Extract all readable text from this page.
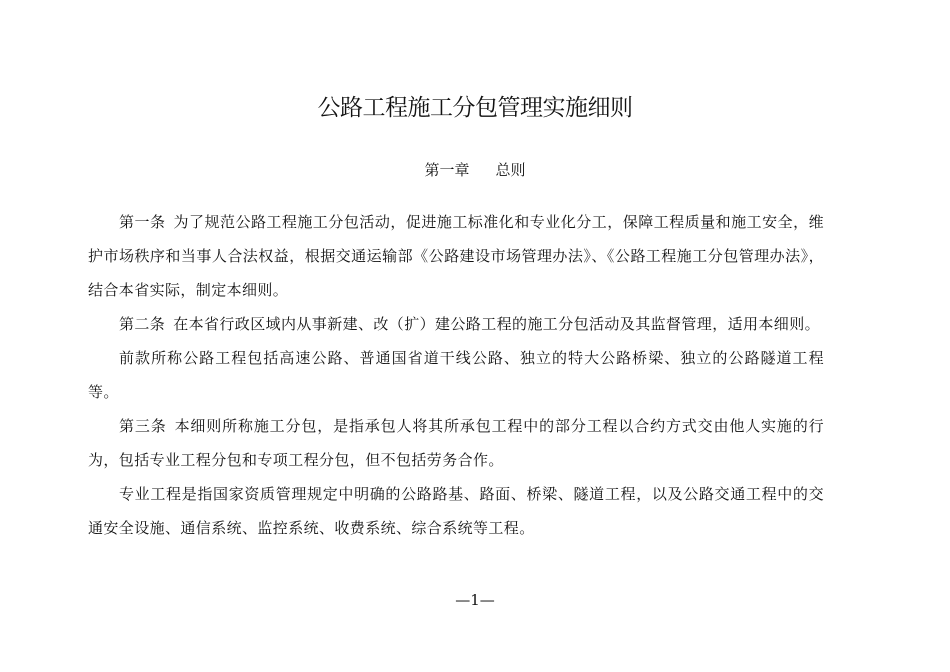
公路工程施工分包管理实施细则
第一章 总则

第一条 为了规范公路工程施工分包活动，促进施工标准化和专业化分工，保障工程质量和施工安全，维护市场秩序和当事人合法权益，根据交通运输部《公路建设市场管理办法》、《公路工程施工分包管理办法》，结合本省实际，制定本细则。

第二条 在本省行政区域内从事新建、改（扩）建公路工程的施工分包活动及其监督管理，适用本细则。

前款所称公路工程包括高速公路、普通国省道干线公路、独立的特大公路桥梁、独立的公路隧道工程等。

第三条 本细则所称施工分包，是指承包人将其所承包工程中的部分工程以合约方式交由他人实施的行为，包括专业工程分包和专项工程分包，但不包括劳务合作。

专业工程是指国家资质管理规定中明确的公路路基、路面、桥梁、隧道工程，以及公路交通工程中的交通安全设施、通信系统、监控系统、收费系统、综合系统等工程。

—1—
